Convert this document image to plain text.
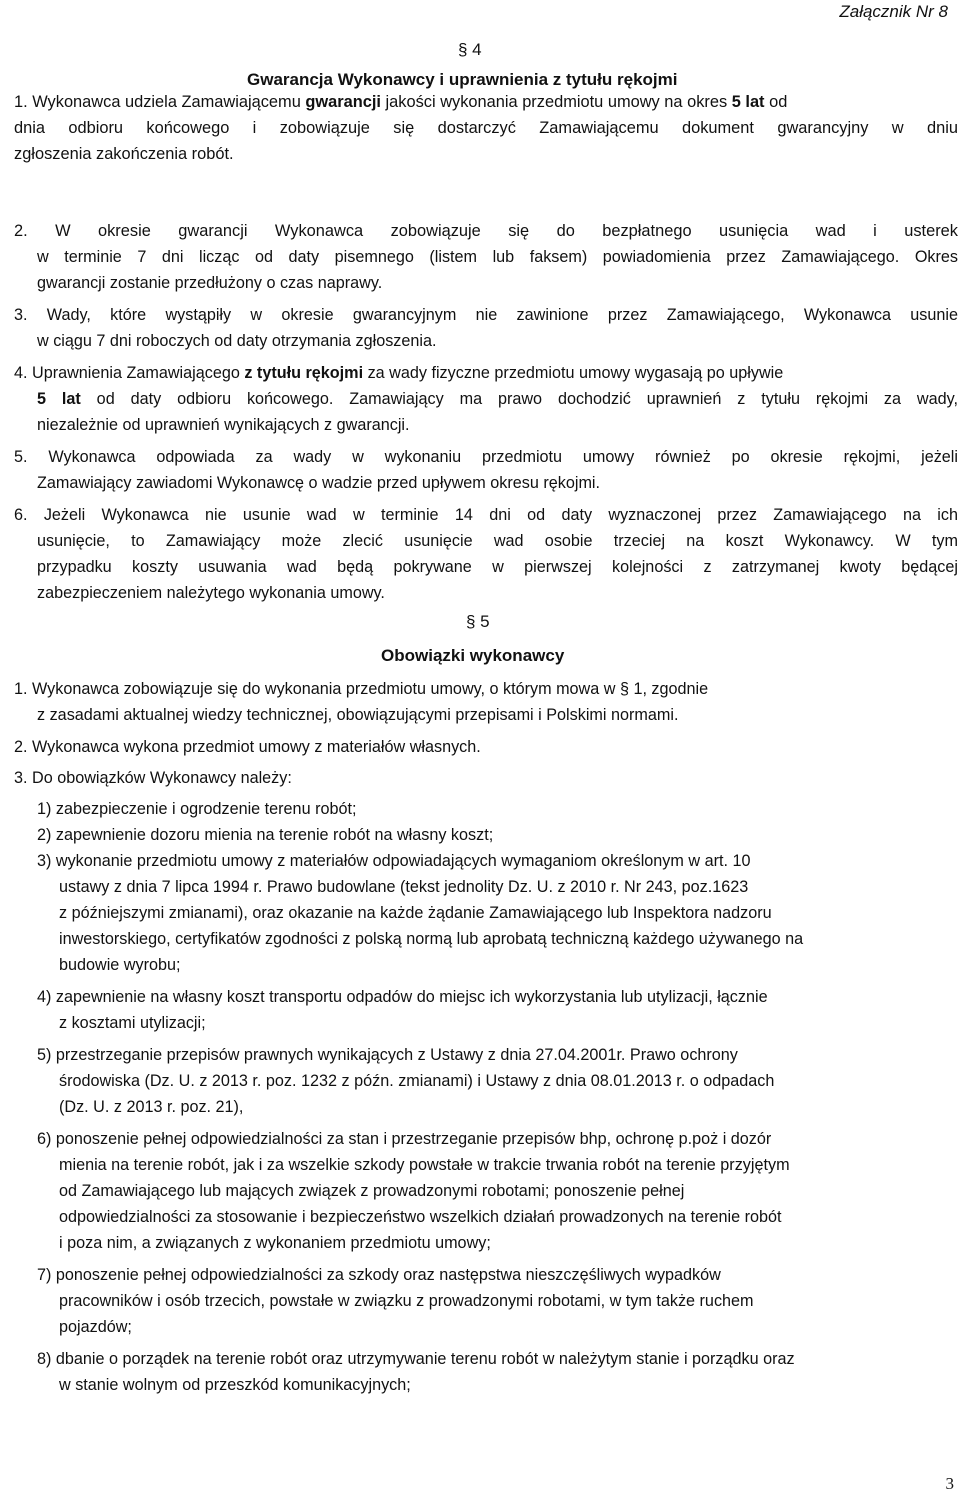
Załącznik Nr 8
§ 4
Gwarancja Wykonawcy i uprawnienia z tytułu rękojmi
1. Wykonawca udziela Zamawiającemu gwarancji jakości wykonania przedmiotu umowy na okres 5 lat od
dnia odbioru końcowego i zobowiązuje się dostarczyć Zamawiającemu dokument gwarancyjny w dniu
zgłoszenia zakończenia robót.
2. W okresie gwarancji Wykonawca zobowiązuje się do bezpłatnego usunięcia wad i usterek
w terminie 7 dni licząc od daty pisemnego (listem lub faksem) powiadomienia przez Zamawiającego. Okres
gwarancji zostanie przedłużony o czas naprawy.
3. Wady, które wystąpiły w okresie gwarancyjnym nie zawinione przez Zamawiającego, Wykonawca usunie
w ciągu 7 dni roboczych od daty otrzymania zgłoszenia.
4. Uprawnienia Zamawiającego z tytułu rękojmi za wady fizyczne przedmiotu umowy wygasają po upływie
5 lat od daty odbioru końcowego. Zamawiający ma prawo dochodzić uprawnień z tytułu rękojmi za wady,
niezależnie od uprawnień wynikających z gwarancji.
5. Wykonawca odpowiada za wady w wykonaniu przedmiotu umowy również po okresie rękojmi, jeżeli
Zamawiający zawiadomi Wykonawcę o wadzie przed upływem okresu rękojmi.
6. Jeżeli Wykonawca nie usunie wad w terminie 14 dni od daty wyznaczonej przez Zamawiającego na ich
usunięcie, to Zamawiający może zlecić usunięcie wad osobie trzeciej na koszt Wykonawcy. W tym
przypadku koszty usuwania wad będą pokrywane w pierwszej kolejności z zatrzymanej kwoty będącej
zabezpieczeniem należytego wykonania umowy.
§ 5
Obowiązki wykonawcy
1. Wykonawca zobowiązuje się do wykonania przedmiotu umowy, o którym mowa w § 1, zgodnie
z zasadami aktualnej wiedzy technicznej, obowiązującymi przepisami i Polskimi normami.
2. Wykonawca wykona przedmiot umowy z materiałów własnych.
3. Do obowiązków Wykonawcy należy:
1) zabezpieczenie i ogrodzenie terenu robót;
2) zapewnienie dozoru mienia na terenie robót na własny koszt;
3) wykonanie przedmiotu umowy z materiałów odpowiadających wymaganiom określonym w art. 10
ustawy z dnia 7 lipca 1994 r. Prawo budowlane (tekst jednolity Dz. U. z 2010 r. Nr 243, poz.1623
z późniejszymi zmianami), oraz okazanie na każde żądanie Zamawiającego lub Inspektora nadzoru
inwestorskiego, certyfikatów zgodności z polską normą lub aprobatą techniczną każdego używanego na
budowie wyrobu;
4) zapewnienie na własny koszt transportu odpadów do miejsc ich wykorzystania lub utylizacji, łącznie
z kosztami utylizacji;
5) przestrzeganie przepisów prawnych wynikających z Ustawy z dnia 27.04.2001r. Prawo ochrony
środowiska (Dz. U. z 2013 r. poz. 1232 z późn. zmianami) i Ustawy z dnia 08.01.2013 r. o odpadach
(Dz. U. z 2013 r. poz. 21),
6) ponoszenie pełnej odpowiedzialności za stan i przestrzeganie przepisów bhp, ochronę p.poż i dozór
mienia na terenie robót, jak i za wszelkie szkody powstałe w trakcie trwania robót na terenie przyjętym
od Zamawiającego lub mających związek z prowadzonymi robotami; ponoszenie pełnej
odpowiedzialności za stosowanie i bezpieczeństwo wszelkich działań prowadzonych na terenie robót
i poza nim, a związanych z wykonaniem przedmiotu umowy;
7) ponoszenie pełnej odpowiedzialności za szkody oraz następstwa nieszczęśliwych wypadków
pracowników i osób trzecich, powstałe w związku z prowadzonymi robotami, w tym także ruchem
pojazdów;
8) dbanie o porządek na terenie robót oraz utrzymywanie terenu robót w należytym stanie i porządku oraz
w stanie wolnym od przeszkód komunikacyjnych;
3
